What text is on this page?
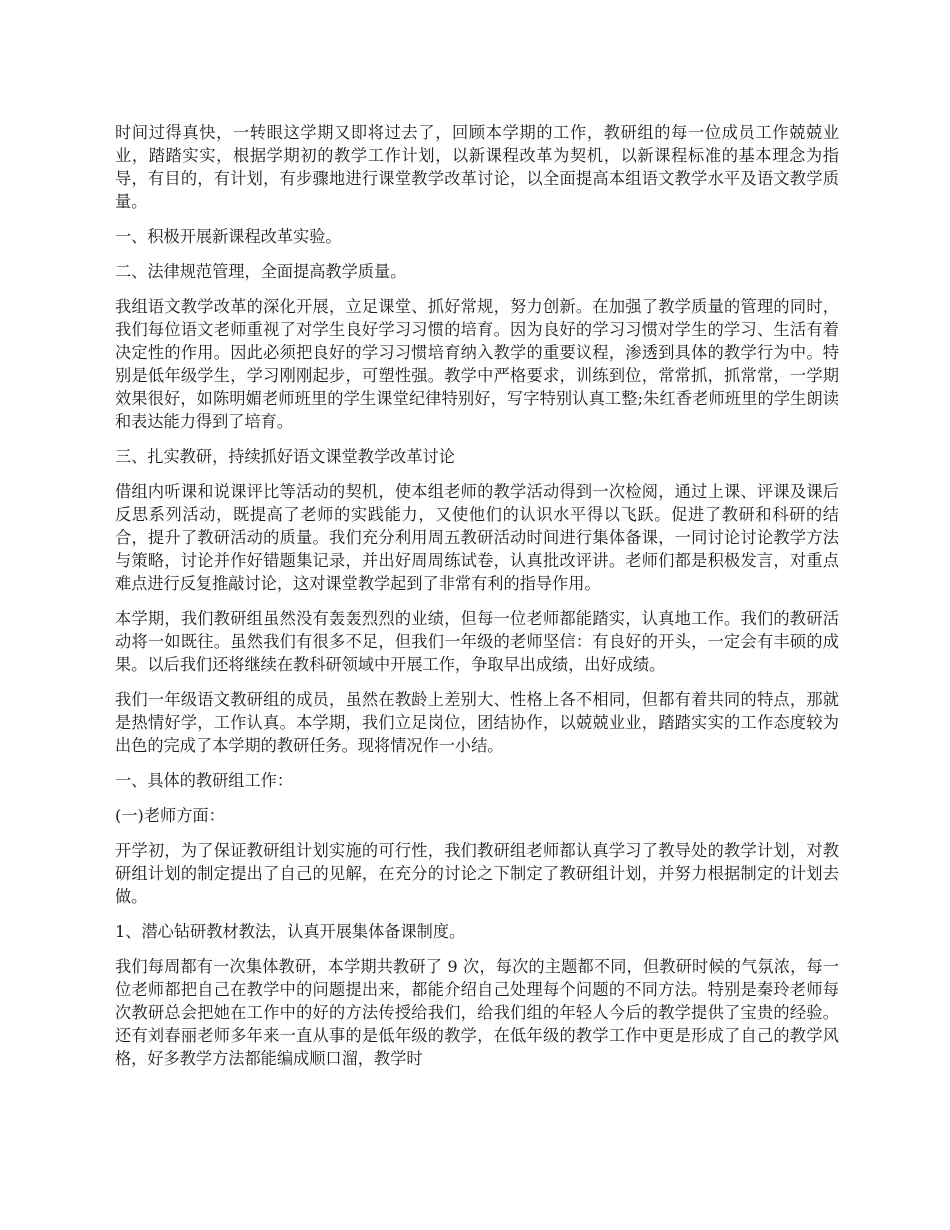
时间过得真快，一转眼这学期又即将过去了，回顾本学期的工作，教研组的每一位成员工作兢兢业业，踏踏实实，根据学期初的教学工作计划，以新课程改革为契机，以新课程标准的基本理念为指导，有目的，有计划，有步骤地进行课堂教学改革讨论，以全面提高本组语文教学水平及语文教学质量。

一、积极开展新课程改革实验。

二、法律规范管理，全面提高教学质量。

我组语文教学改革的深化开展，立足课堂、抓好常规，努力创新。在加强了教学质量的管理的同时，我们每位语文老师重视了对学生良好学习习惯的培育。因为良好的学习习惯对学生的学习、生活有着决定性的作用。因此必须把良好的学习习惯培育纳入教学的重要议程，渗透到具体的教学行为中。特别是低年级学生，学习刚刚起步，可塑性强。教学中严格要求，训练到位，常常抓，抓常常，一学期效果很好，如陈明媚老师班里的学生课堂纪律特别好，写字特别认真工整;朱红香老师班里的学生朗读和表达能力得到了培育。

三、扎实教研，持续抓好语文课堂教学改革讨论

借组内听课和说课评比等活动的契机，使本组老师的教学活动得到一次检阅，通过上课、评课及课后反思系列活动，既提高了老师的实践能力，又使他们的认识水平得以飞跃。促进了教研和科研的结合，提升了教研活动的质量。我们充分利用周五教研活动时间进行集体备课，一同讨论讨论教学方法与策略，讨论并作好错题集记录，并出好周周练试卷，认真批改评讲。老师们都是积极发言，对重点难点进行反复推敲讨论，这对课堂教学起到了非常有利的指导作用。

本学期，我们教研组虽然没有轰轰烈烈的业绩，但每一位老师都能踏实，认真地工作。我们的教研活动将一如既往。虽然我们有很多不足，但我们一年级的老师坚信：有良好的开头，一定会有丰硕的成果。以后我们还将继续在教科研领域中开展工作，争取早出成绩，出好成绩。

我们一年级语文教研组的成员，虽然在教龄上差别大、性格上各不相同，但都有着共同的特点，那就是热情好学，工作认真。本学期，我们立足岗位，团结协作，以兢兢业业，踏踏实实的工作态度较为出色的完成了本学期的教研任务。现将情况作一小结。

一、具体的教研组工作：

(一)老师方面：

开学初，为了保证教研组计划实施的可行性，我们教研组老师都认真学习了教导处的教学计划，对教研组计划的制定提出了自己的见解，在充分的讨论之下制定了教研组计划，并努力根据制定的计划去做。

1、潜心钻研教材教法，认真开展集体备课制度。

我们每周都有一次集体教研，本学期共教研了 9 次，每次的主题都不同，但教研时候的气氛浓，每一位老师都把自己在教学中的问题提出来，都能介绍自己处理每个问题的不同方法。特别是秦玲老师每次教研总会把她在工作中的好的方法传授给我们，给我们组的年轻人今后的教学提供了宝贵的经验。还有刘春丽老师多年来一直从事的是低年级的教学，在低年级的教学工作中更是形成了自己的教学风格，好多教学方法都能编成顺口溜，教学时
